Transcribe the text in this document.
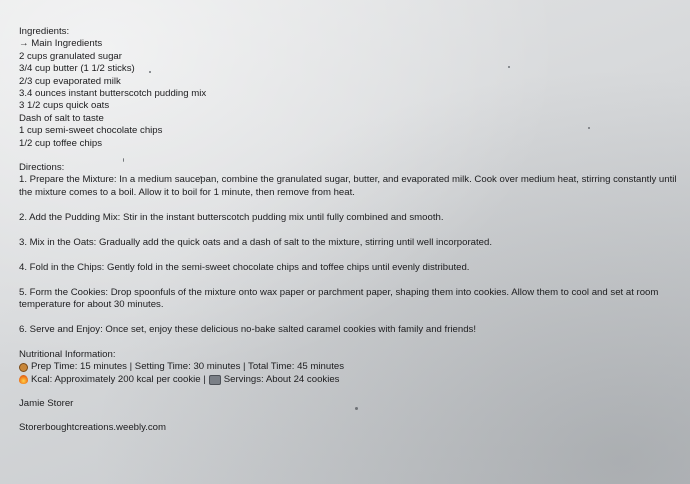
Ingredients:
→ Main Ingredients
2 cups granulated sugar
3/4 cup butter (1 1/2 sticks)
2/3 cup evaporated milk
3.4 ounces instant butterscotch pudding mix
3 1/2 cups quick oats
Dash of salt to taste
1 cup semi-sweet chocolate chips
1/2 cup toffee chips
Directions:

1. Prepare the Mixture: In a medium saucepan, combine the granulated sugar, butter, and evaporated milk. Cook over medium heat, stirring constantly until the mixture comes to a boil. Allow it to boil for 1 minute, then remove from heat.

2. Add the Pudding Mix: Stir in the instant butterscotch pudding mix until fully combined and smooth.

3. Mix in the Oats: Gradually add the quick oats and a dash of salt to the mixture, stirring until well incorporated.

4. Fold in the Chips: Gently fold in the semi-sweet chocolate chips and toffee chips until evenly distributed.

5. Form the Cookies: Drop spoonfuls of the mixture onto wax paper or parchment paper, shaping them into cookies. Allow them to cool and set at room temperature for about 30 minutes.

6. Serve and Enjoy: Once set, enjoy these delicious no-bake salted caramel cookies with family and friends!

Nutritional Information:
Prep Time: 15 minutes | Setting Time: 30 minutes | Total Time: 45 minutes
Kcal: Approximately 200 kcal per cookie | Servings: About 24 cookies
Jamie Storer
Storerboughtcreations.weebly.com
